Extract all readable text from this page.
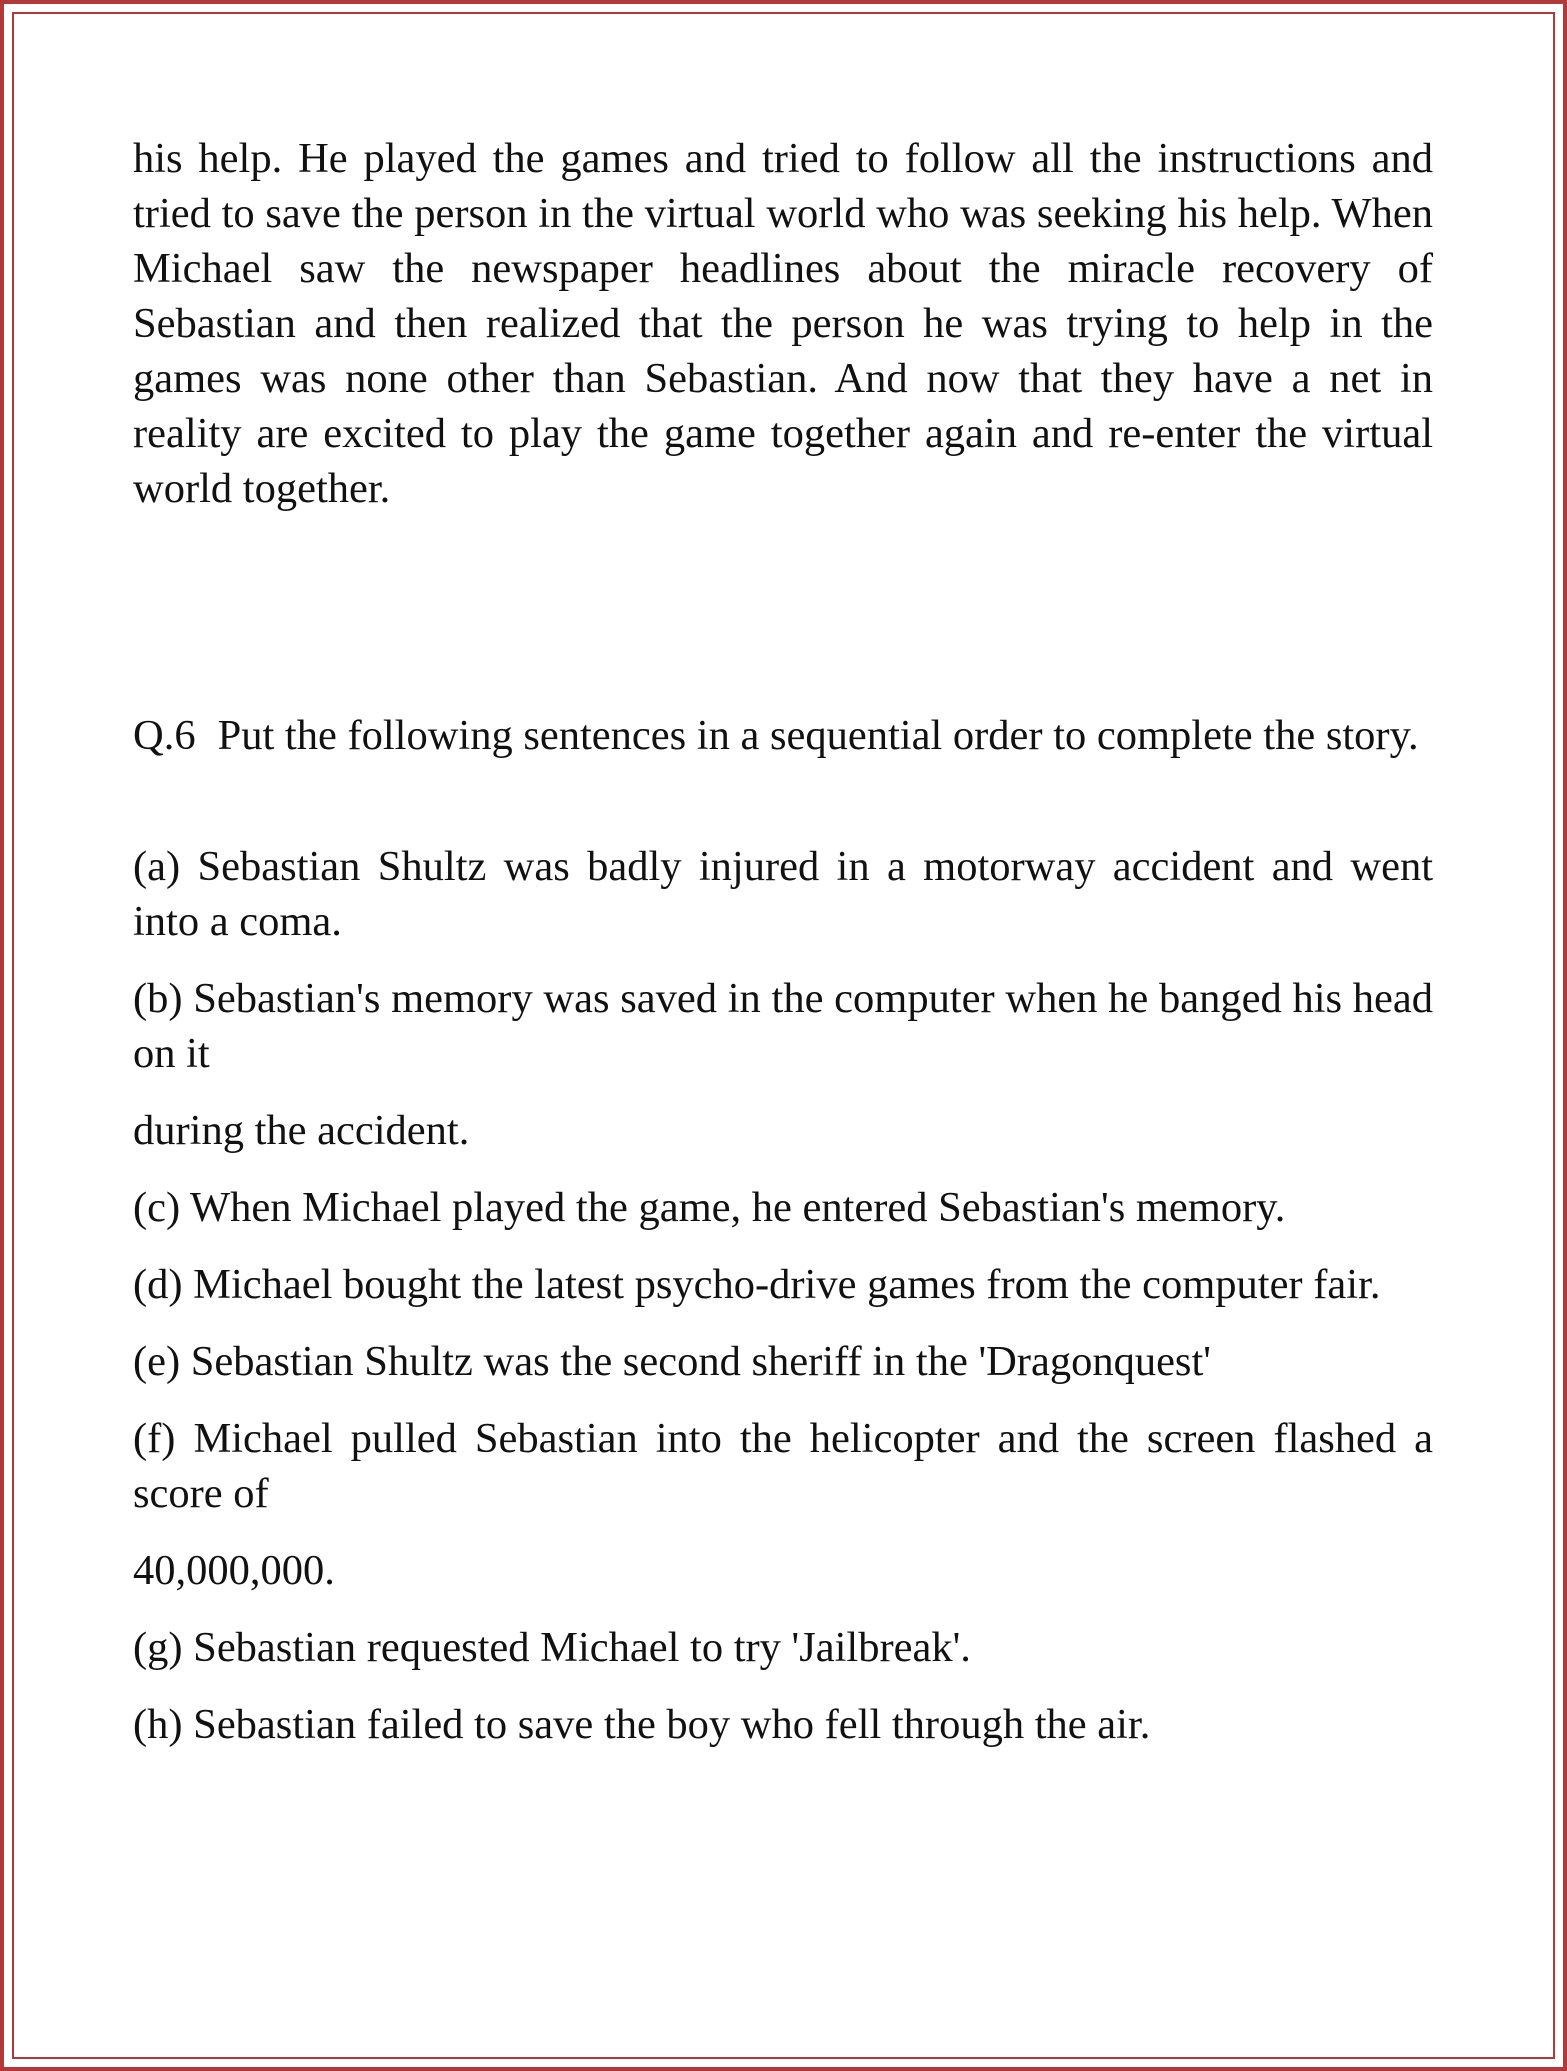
his help. He played the games and tried to follow all the instructions and tried to save the person in the virtual world who was seeking his help. When Michael saw the newspaper headlines about the miracle recovery of Sebastian and then realized that the person he was trying to help in the games was none other than Sebastian. And now that they have a net in reality are excited to play the game together again and re-enter the virtual world together.

Q.6 Put the following sentences in a sequential order to complete the story.

(a) Sebastian Shultz was badly injured in a motorway accident and went into a coma.

(b) Sebastian's memory was saved in the computer when he banged his head on it

during the accident.

(c) When Michael played the game, he entered Sebastian's memory.

(d) Michael bought the latest psycho-drive games from the computer fair.

(e) Sebastian Shultz was the second sheriff in the 'Dragonquest'

(f) Michael pulled Sebastian into the helicopter and the screen flashed a score of

40,000,000.

(g) Sebastian requested Michael to try 'Jailbreak'.

(h) Sebastian failed to save the boy who fell through the air.
